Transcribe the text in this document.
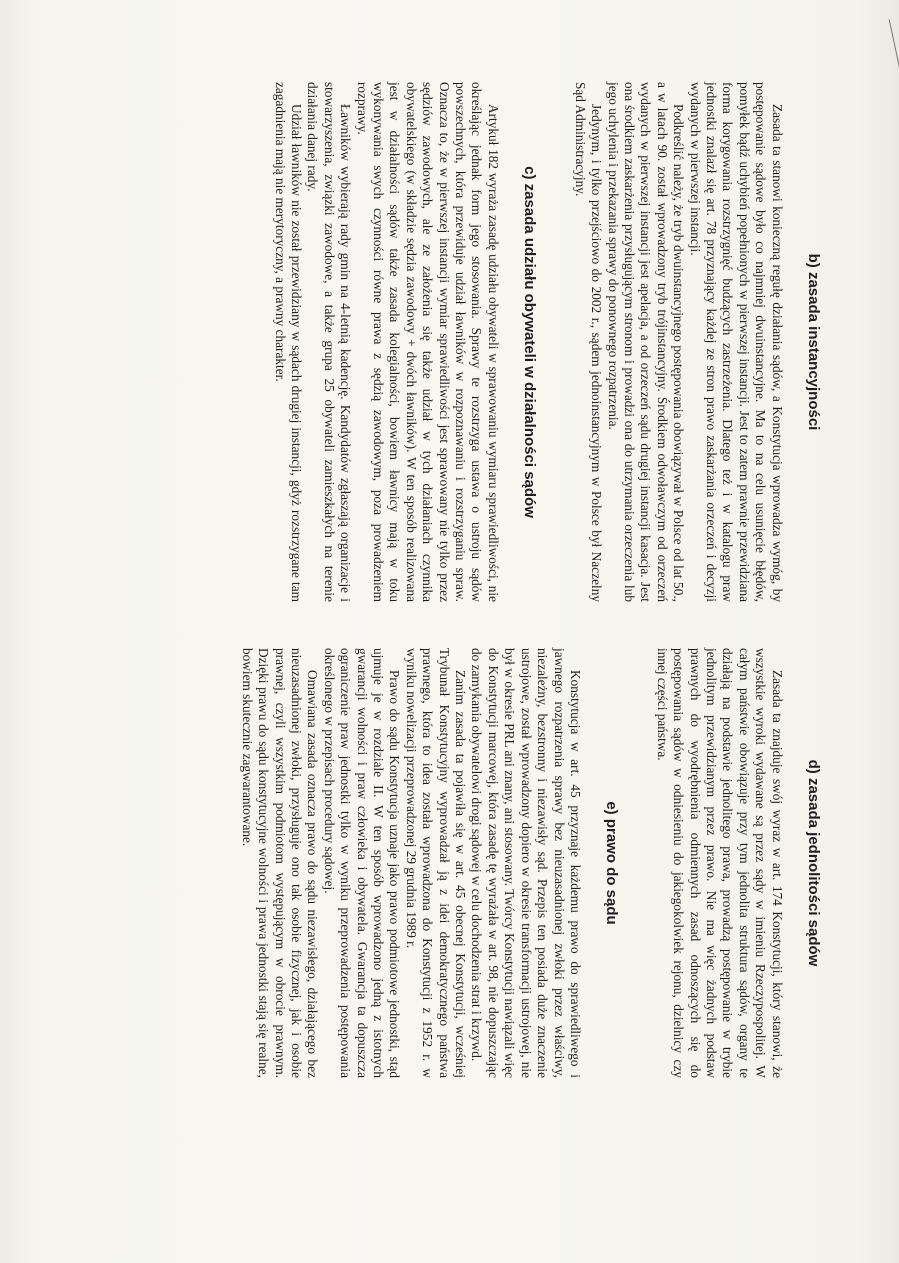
b) zasada instancyjności

Zasada ta stanowi konieczną regułę działania sądów, a Konstytucja wprowadza wymóg, by postępowanie sądowe było co najmniej dwuinstancyjne. Ma to na celu usunięcie błędów, pomyłek bądź uchybień popełnionych w pierwszej instancji. Jest to zatem prawnie przewidziana forma korygowania rozstrzygnięć budzących zastrzeżenia. Dlatego też i w katalogu praw jednostki znalazł się art. 78 przyznający każdej ze stron prawo zaskarżania orzeczeń i decyzji wydanych w pierwszej instancji.

Podkreślić należy, że tryb dwuinstancyjnego postępowania obowiązywał w Polsce od lat 50., a w latach 90. został wprowadzony tryb trójinstancyjny. Środkiem odwoławczym od orzeczeń wydanych w pierwszej instancji jest apelacja, a od orzeczeń sądu drugiej instancji kasacja. Jest ona środkiem zaskarżenia przysługującym stronom i prowadzi ona do utrzymania orzeczenia lub jego uchylenia i przekazania sprawy do ponownego rozpatrzenia.

Jedynym, i tylko przejściowo do 2002 r., sądem jednoinstancyjnym w Polsce był Naczelny Sąd Administracyjny.

c) zasada udziału obywateli w działalności sądów

Artykuł 182 wyraża zasadę udziału obywateli w sprawowaniu wymiaru sprawiedliwości, nie określając jednak form jego stosowania. Sprawy te rozstrzyga ustawa o ustroju sądów powszechnych, która przewiduje udział ławników w rozpoznawaniu i rozstrzyganiu spraw. Oznacza to, że w pierwszej instancji wymiar sprawiedliwości jest sprawowany nie tylko przez sędziów zawodowych, ale ze założenia się także udział w tych działaniach czynnika obywatelskiego (w składzie sędzia zawodowy + dwóch ławników). W ten sposób realizowana jest w działalności sądów także zasada kolegialności, bowiem ławnicy mają w toku wykonywania swych czynności równe prawa z sędzią zawodowym, poza prowadzeniem rozprawy.

Ławników wybierają rady gmin na 4-letnią kadencję. Kandydatów zgłaszają organizacje i stowarzyszenia, związki zawodowe, a także grupa 25 obywateli zamieszkałych na terenie działania danej rady.

Udział ławników nie został przewidziany w sądach drugiej instancji, gdyż rozstrzygane tam zagadnienia mają nie merytoryczny, a prawny charakter.

d) zasada jednolitości sądów

Zasada ta znajduje swój wyraz w art. 174 Konstytucji, który stanowi, że wszystkie wyroki wydawane są przez sądy w imieniu Rzeczypospolitej. W całym państwie obowiązuje przy tym jednolita struktura sądów, organy te działają na podstawie jednolitego prawa, prowadzą postępowanie w trybie jednolitym przewidzianym przez prawo. Nie ma więc żadnych podstaw prawnych do wyodrębnienia odmiennych zasad odnoszących się do postępowania sądów w odniesieniu do jakiegokolwiek rejonu, dzielnicy czy innej części państwa.

e) prawo do sądu

Konstytucja w art. 45 przyznaje każdemu prawo do sprawiedliwego i jawnego rozpatrzenia sprawy bez nieuzasadnionej zwłoki przez właściwy, niezależny, bezstronny i niezawisły sąd. Przepis ten posiada duże znaczenie ustrojowe, został wprowadzony dopiero w okresie transformacji ustrojowej, nie był w okresie PRL ani znany, ani stosowany. Twórcy Konstytucji nawiązali więc do Konstytucji marcowej, która zasadę tę wyrażała w art. 98, nie dopuszczając do zamykania obywatelowi drogi sądowej w celu dochodzenia strat i krzywd.

Zanim zasada ta pojawiła się w art. 45 obecnej Konstytucji, wcześniej Trybunał Konstytucyjny wyprowadzał ją z idei demokratycznego państwa prawnego, która to idea została wprowadzona do Konstytucji z 1952 r. w wyniku nowelizacji przeprowadzonej 29 grudnia 1989 r.

Prawo do sądu Konstytucja uznaje jako prawo podmiotowe jednostki, stąd ujmuje je w rozdziale II. W ten sposób wprowadzono jedną z istotnych gwarancji wolności i praw człowieka i obywatela. Gwarancja ta dopuszcza ograniczenie praw jednostki tylko w wyniku przeprowadzenia postępowania określonego w przepisach procedury sądowej.

Omawiana zasada oznacza prawo do sądu niezawisłego, działającego bez nieuzasadnionej zwłoki, przysługuje ono tak osobie fizycznej, jak i osobie prawnej, czyli wszystkim podmiotom występującym w obrocie prawnym. Dzięki prawu do sądu konstytucyjne wolności i prawa jednostki stają się realne, bowiem skutecznie zagwarantowane.
